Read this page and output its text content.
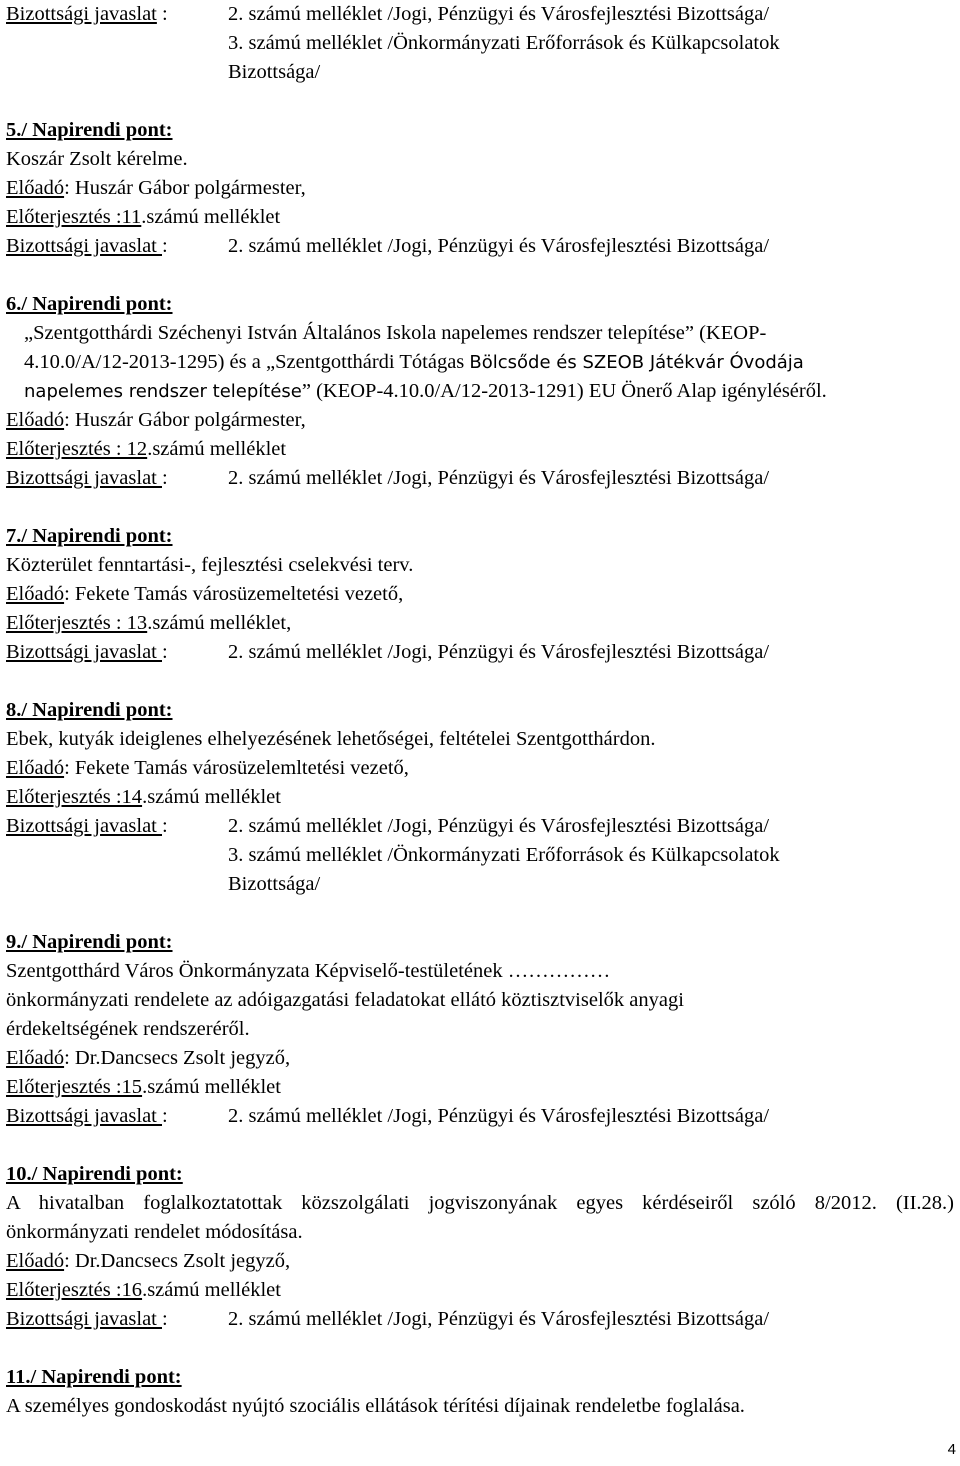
Bizottsági javaslat :	2. számú melléklet /Jogi, Pénzügyi és Városfejlesztési Bizottsága/
3. számú melléklet /Önkormányzati Erőforrások és Külkapcsolatok
Bizottsága/
5./ Napirendi pont:
Koszár Zsolt kérelme.
Előadó: Huszár Gábor polgármester,
Előterjesztés :11.számú melléklet
Bizottsági javaslat :	2. számú melléklet /Jogi, Pénzügyi és Városfejlesztési Bizottsága/
6./ Napirendi pont:
„Szentgotthárdi Széchenyi István Általános Iskola napelemes rendszer telepítése” (KEOP-
4.10.0/A/12-2013-1295) és a „Szentgotthárdi Tótágas Bölcsőde és SZEOB Játékvár Óvodája
napelemes rendszer telepítése” (KEOP-4.10.0/A/12-2013-1291) EU Önerő Alap igényléséről.
Előadó: Huszár Gábor polgármester,
Előterjesztés : 12.számú melléklet
Bizottsági javaslat :	2. számú melléklet /Jogi, Pénzügyi és Városfejlesztési Bizottsága/
7./ Napirendi pont:
Közterület fenntartási-, fejlesztési cselekvési terv.
Előadó: Fekete Tamás városüzemeltetési vezető,
Előterjesztés : 13.számú melléklet,
Bizottsági javaslat :	2. számú melléklet /Jogi, Pénzügyi és Városfejlesztési Bizottsága/
8./ Napirendi pont:
Ebek, kutyák ideiglenes elhelyezésének lehetőségei, feltételei Szentgotthárdon.
Előadó: Fekete Tamás városüzelemltetési vezető,
Előterjesztés :14.számú melléklet
Bizottsági javaslat :	2. számú melléklet /Jogi, Pénzügyi és Városfejlesztési Bizottsága/
3. számú melléklet /Önkormányzati Erőforrások és Külkapcsolatok
Bizottsága/
9./ Napirendi pont:
Szentgotthárd Város Önkormányzata Képviselő-testületének ……………
önkormányzati rendelete az adóigazgatási feladatokat ellátó köztisztviselők anyagi
érdekeltségének rendszeréről.
Előadó: Dr.Dancsecs Zsolt jegyző,
Előterjesztés :15.számú melléklet
Bizottsági javaslat :	2. számú melléklet /Jogi, Pénzügyi és Városfejlesztési Bizottsága/
10./ Napirendi pont:
A hivatalban foglalkoztatottak közszolgálati jogviszonyának egyes kérdéseiről szóló 8/2012. (II.28.) önkormányzati rendelet módosítása.
Előadó: Dr.Dancsecs Zsolt jegyző,
Előterjesztés :16.számú melléklet
Bizottsági javaslat :	2. számú melléklet /Jogi, Pénzügyi és Városfejlesztési Bizottsága/
11./ Napirendi pont:
A személyes gondoskodást nyújtó szociális ellátások térítési díjainak rendeletbe foglalása.
4
